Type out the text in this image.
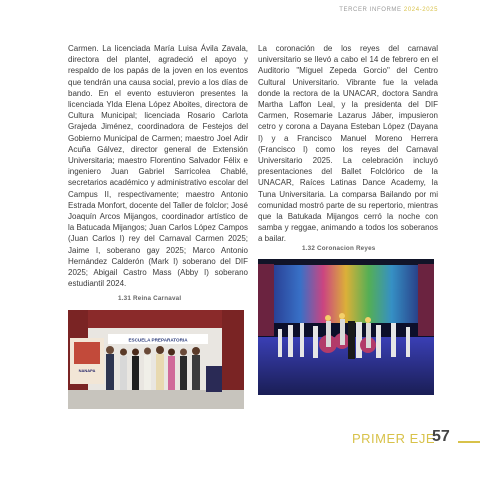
TERCER INFORME 2024-2025
Carmen. La licenciada María Luisa Ávila Zavala, directora del plantel, agradeció el apoyo y respaldo de los papás de la joven en los eventos que tendrán una causa social, previo a los días de bando. En el evento estuvieron presentes la licenciada Ylda Elena López Aboites, directora de Cultura Municipal; licenciada Rosario Carlota Grajeda Jiménez, coordinadora de Festejos del Gobierno Municipal de Carmen; maestro Joel Adir Acuña Gálvez, director general de Extensión Universitaria; maestro Florentino Salvador Félix e ingeniero Juan Gabriel Sarricolea Chablé, secretarios académico y administrativo escolar del Campus II, respectivamente; maestro Antonio Estrada Monfort, docente del Taller de folclor; José Joaquín Arcos Mijangos, coordinador artístico de la Batucada Mijangos; Juan Carlos López Campos (Juan Carlos I) rey del Carnaval Carmen 2025; Jaime I, soberano gay 2025; Marco Antonio Hernández Calderón (Mark I) soberano del DIF 2025; Abigail Castro Mass (Abby I) soberano estudiantil 2024.
La coronación de los reyes del carnaval universitario se llevó a cabo el 14 de febrero en el Auditorio "Miguel Zepeda Gorcio" del Centro Cultural Universitario. Vibrante fue la velada donde la rectora de la UNACAR, doctora Sandra Martha Laffon Leal, y la presidenta del DIF Carmen, Rosemarie Lazarus Jáber, impusieron cetro y corona a Dayana Esteban López (Dayana I) y a Francisco Manuel Moreno Herrera (Francisco I) como los reyes del Carnaval Universitario 2025. La celebración incluyó presentaciones del Ballet Folclórico de la UNACAR, Raíces Latinas Dance Academy, la Tuna Universitaria. La comparsa Bailando por mi comunidad mostró parte de su repertorio, mientras que la Batukada Mijangos cerró la noche con samba y reggae, animando a todos los soberanos a bailar.
1.32 Coronacion Reyes
1.31 Reina Carnaval
ESCUELA PREPARATORIA
NANAPA
PRIMER EJE
57
